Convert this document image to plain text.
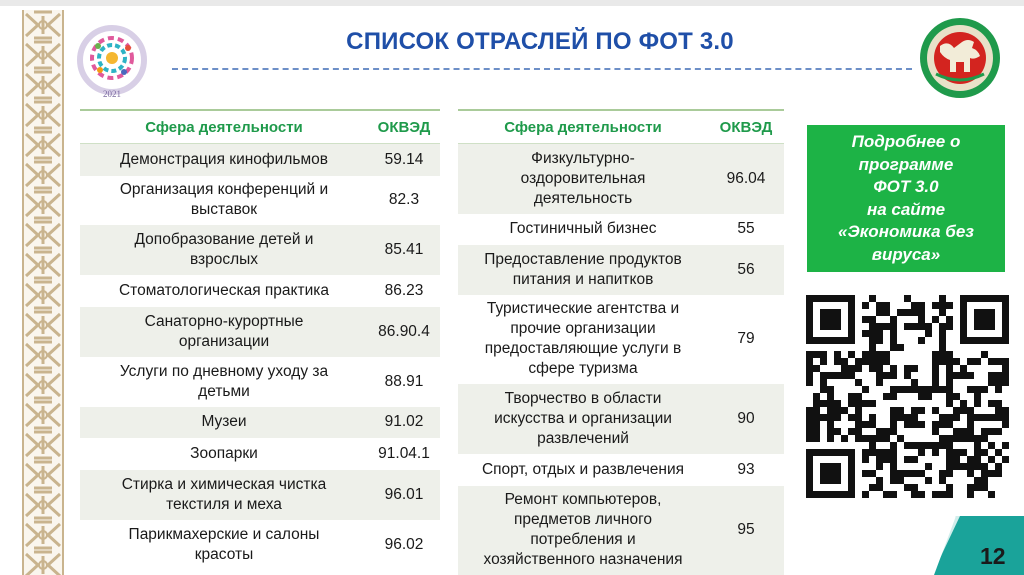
2021
СПИСОК ОТРАСЛЕЙ ПО ФОТ 3.0
Сфера деятельности	ОКВЭД
Демонстрация кинофильмов	59.14
Организация конференций и
выставок	82.3
Допобразование детей и
взрослых	85.41
Стоматологическая практика	86.23
Санаторно-курортные
организации	86.90.4
Услуги по дневному уходу за
детьми	88.91
Музеи	91.02
Зоопарки	91.04.1
Стирка и химическая чистка
текстиля и меха	96.01
Парикмахерские и салоны
красоты	96.02
Сфера деятельности	ОКВЭД
Физкультурно-
оздоровительная
деятельность	96.04
Гостиничный бизнес	55
Предоставление продуктов
питания и напитков	56
Туристические агентства и
прочие организации
предоставляющие услуги в
сфере туризма	79
Творчество в области
искусства и организации
развлечений	90
Спорт, отдых и развлечения	93
Ремонт компьютеров,
предметов личного
потребления и
хозяйственного назначения	95
Подробнее о
программе
ФОТ 3.0
на сайте
«Экономика без
вируса»
12
